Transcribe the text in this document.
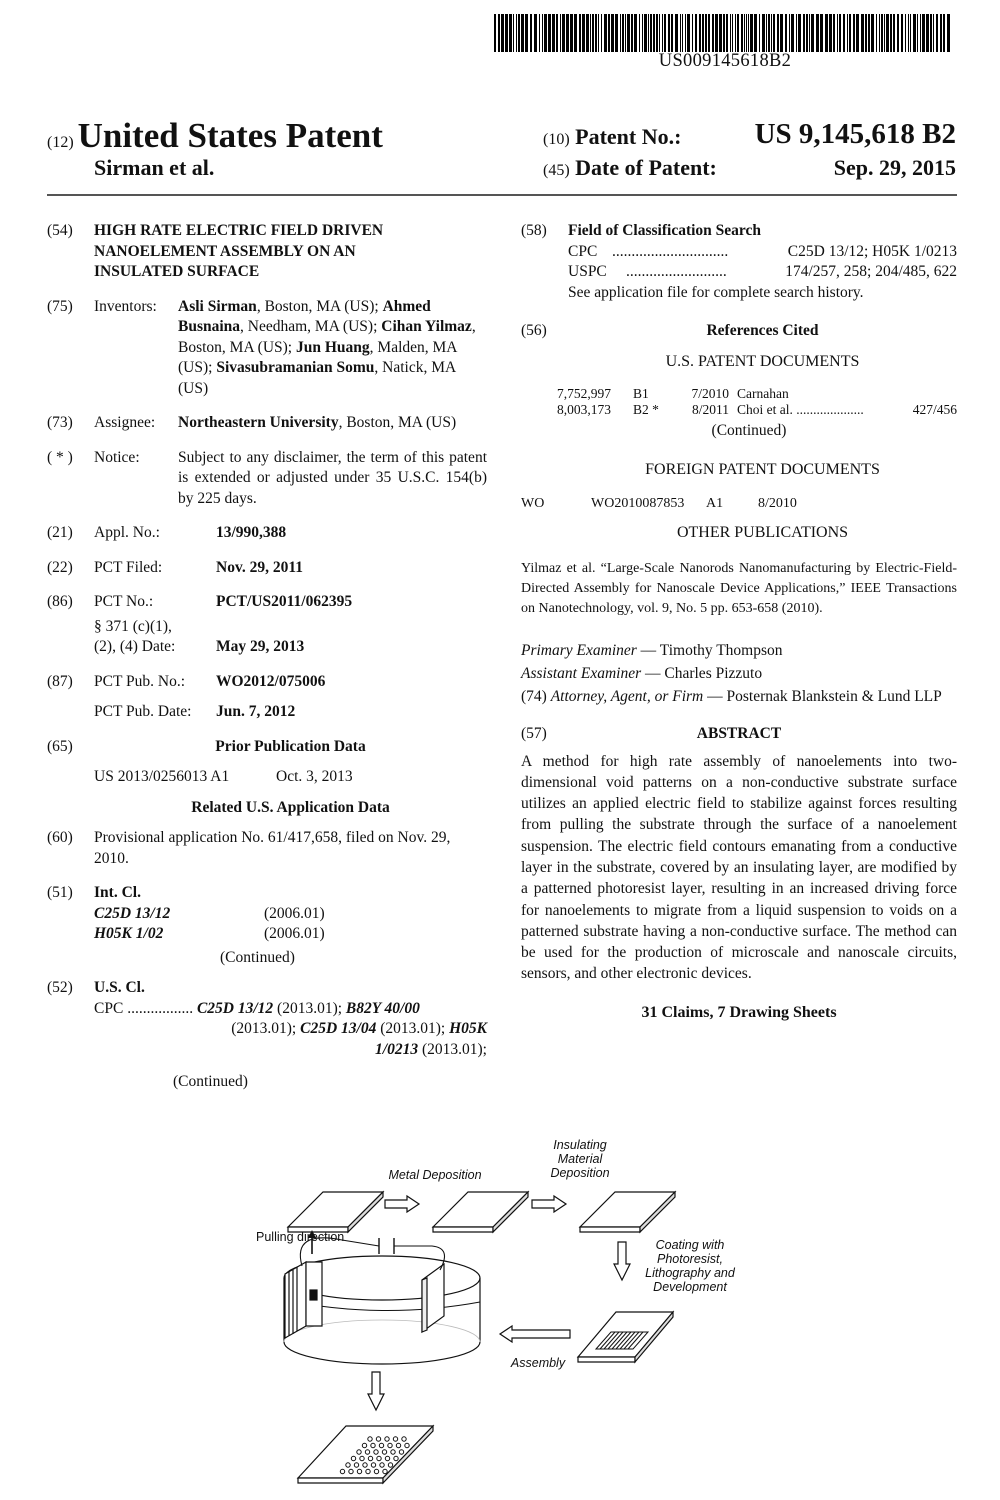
US009145618B2
(12) United States Patent
Sirman et al.
(10) Patent No.:	US 9,145,618 B2
(45) Date of Patent:	Sep. 29, 2015
(54)	HIGH RATE ELECTRIC FIELD DRIVEN
NANOELEMENT ASSEMBLY ON AN
INSULATED SURFACE
(75)	Inventors:	Asli Sirman, Boston, MA (US); Ahmed Busnaina, Needham, MA (US); Cihan Yilmaz, Boston, MA (US); Jun Huang, Malden, MA (US); Sivasubramanian Somu, Natick, MA (US)
(73)	Assignee:	Northeastern University, Boston, MA (US)
( * )	Notice:	Subject to any disclaimer, the term of this patent is extended or adjusted under 35 U.S.C. 154(b) by 225 days.
(21)	Appl. No.:	13/990,388
(22)	PCT Filed:	Nov. 29, 2011
(86)	PCT No.:	PCT/US2011/062395
§ 371 (c)(1),
(2), (4) Date:	May 29, 2013
(87)	PCT Pub. No.:	WO2012/075006
PCT Pub. Date:	Jun. 7, 2012
(65)	Prior Publication Data
US 2013/0256013 A1	Oct. 3, 2013
Related U.S. Application Data
(60)	Provisional application No. 61/417,658, filed on Nov. 29, 2010.
(51)	Int. Cl.
C25D 13/12	(2006.01)
H05K 1/02	(2006.01)
(Continued)
(52)	U.S. Cl.
CPC ................. C25D 13/12 (2013.01); B82Y 40/00
(2013.01); C25D 13/04 (2013.01); H05K
1/0213 (2013.01);
(Continued)
(58)	Field of Classification Search
CPC ..............................	C25D 13/12; H05K 1/0213
USPC	..........................	174/257, 258; 204/485, 622
See application file for complete search history.
(56)	References Cited
U.S. PATENT DOCUMENTS
7,752,997	B1	7/2010 Carnahan
8,003,173	B2 *	8/2011 Choi et al. ....................	427/456
(Continued)
FOREIGN PATENT DOCUMENTS
WO	WO2010087853	A1	8/2010
OTHER PUBLICATIONS
Yilmaz et al. “Large-Scale Nanorods Nanomanufacturing by Electric-Field-Directed Assembly for Nanoscale Device Applications,” IEEE Transactions on Nanotechnology, vol. 9, No. 5 pp. 653-658 (2010).
Primary Examiner — Timothy Thompson
Assistant Examiner — Charles Pizzuto
(74) Attorney, Agent, or Firm — Posternak Blankstein & Lund LLP
(57)	ABSTRACT
A method for high rate assembly of nanoelements into two-dimensional void patterns on a non-conductive substrate surface utilizes an applied electric field to stabilize against forces resulting from pulling the substrate through the surface of a nanoelement suspension. The electric field contours emanating from a conductive layer in the substrate, covered by an insulating layer, are modified by a patterned photoresist layer, resulting in an increased driving force for nanoelements to migrate from a liquid suspension to voids on a patterned substrate having a non-conductive surface. The method can be used for the production of microscale and nanoscale circuits, sensors, and other electronic devices.
31 Claims, 7 Drawing Sheets
Metal Deposition
Insulating
Material
Deposition
Pulling direction
Coating with
Photoresist,
Lithography and
Development
Assembly
